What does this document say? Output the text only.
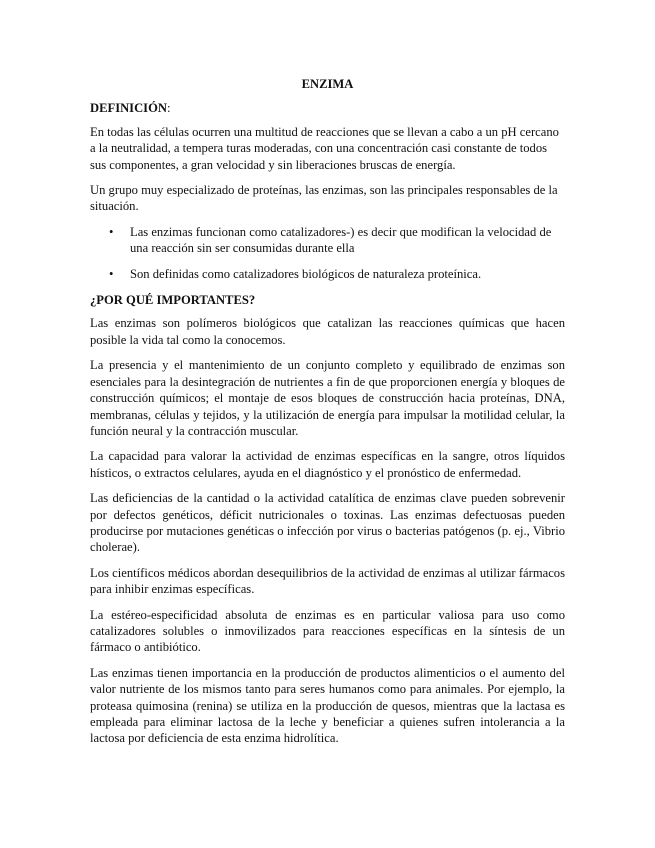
ENZIMA
DEFINICIÓN:

En todas las células ocurren una multitud de reacciones que se llevan a cabo a un pH cercano a la neutralidad, a tempera turas moderadas, con una concentración casi constante de todos sus componentes, a gran velocidad y sin liberaciones bruscas de energía.

Un grupo muy especializado de proteínas, las enzimas, son las principales responsables de la situación.

• Las enzimas funcionan como catalizadores-) es decir que modifican la velocidad de una reacción sin ser consumidas durante ella
• Son definidas como catalizadores biológicos de naturaleza proteínica.
¿POR QUÉ IMPORTANTES?

Las enzimas son polímeros biológicos que catalizan las reacciones químicas que hacen posible la vida tal como la conocemos.

La presencia y el mantenimiento de un conjunto completo y equilibrado de enzimas son esenciales para la desintegración de nutrientes a fin de que proporcionen energía y bloques de construcción químicos; el montaje de esos bloques de construcción hacia proteínas, DNA, membranas, células y tejidos, y la utilización de energía para impulsar la motilidad celular, la función neural y la contracción muscular.

La capacidad para valorar la actividad de enzimas específicas en la sangre, otros líquidos hísticos, o extractos celulares, ayuda en el diagnóstico y el pronóstico de enfermedad.

Las deficiencias de la cantidad o la actividad catalítica de enzimas clave pueden sobrevenir por defectos genéticos, déficit nutricionales o toxinas. Las enzimas defectuosas pueden producirse por mutaciones genéticas o infección por virus o bacterias patógenos (p. ej., Vibrio cholerae).

Los científicos médicos abordan desequilibrios de la actividad de enzimas al utilizar fármacos para inhibir enzimas específicas.

La estéreo-especificidad absoluta de enzimas es en particular valiosa para uso como catalizadores solubles o inmovilizados para reacciones específicas en la síntesis de un fármaco o antibiótico.

Las enzimas tienen importancia en la producción de productos alimenticios o el aumento del valor nutriente de los mismos tanto para seres humanos como para animales. Por ejemplo, la proteasa quimosina (renina) se utiliza en la producción de quesos, mientras que la lactasa es empleada para eliminar lactosa de la leche y beneficiar a quienes sufren intolerancia a la lactosa por deficiencia de esta enzima hidrolítica.
